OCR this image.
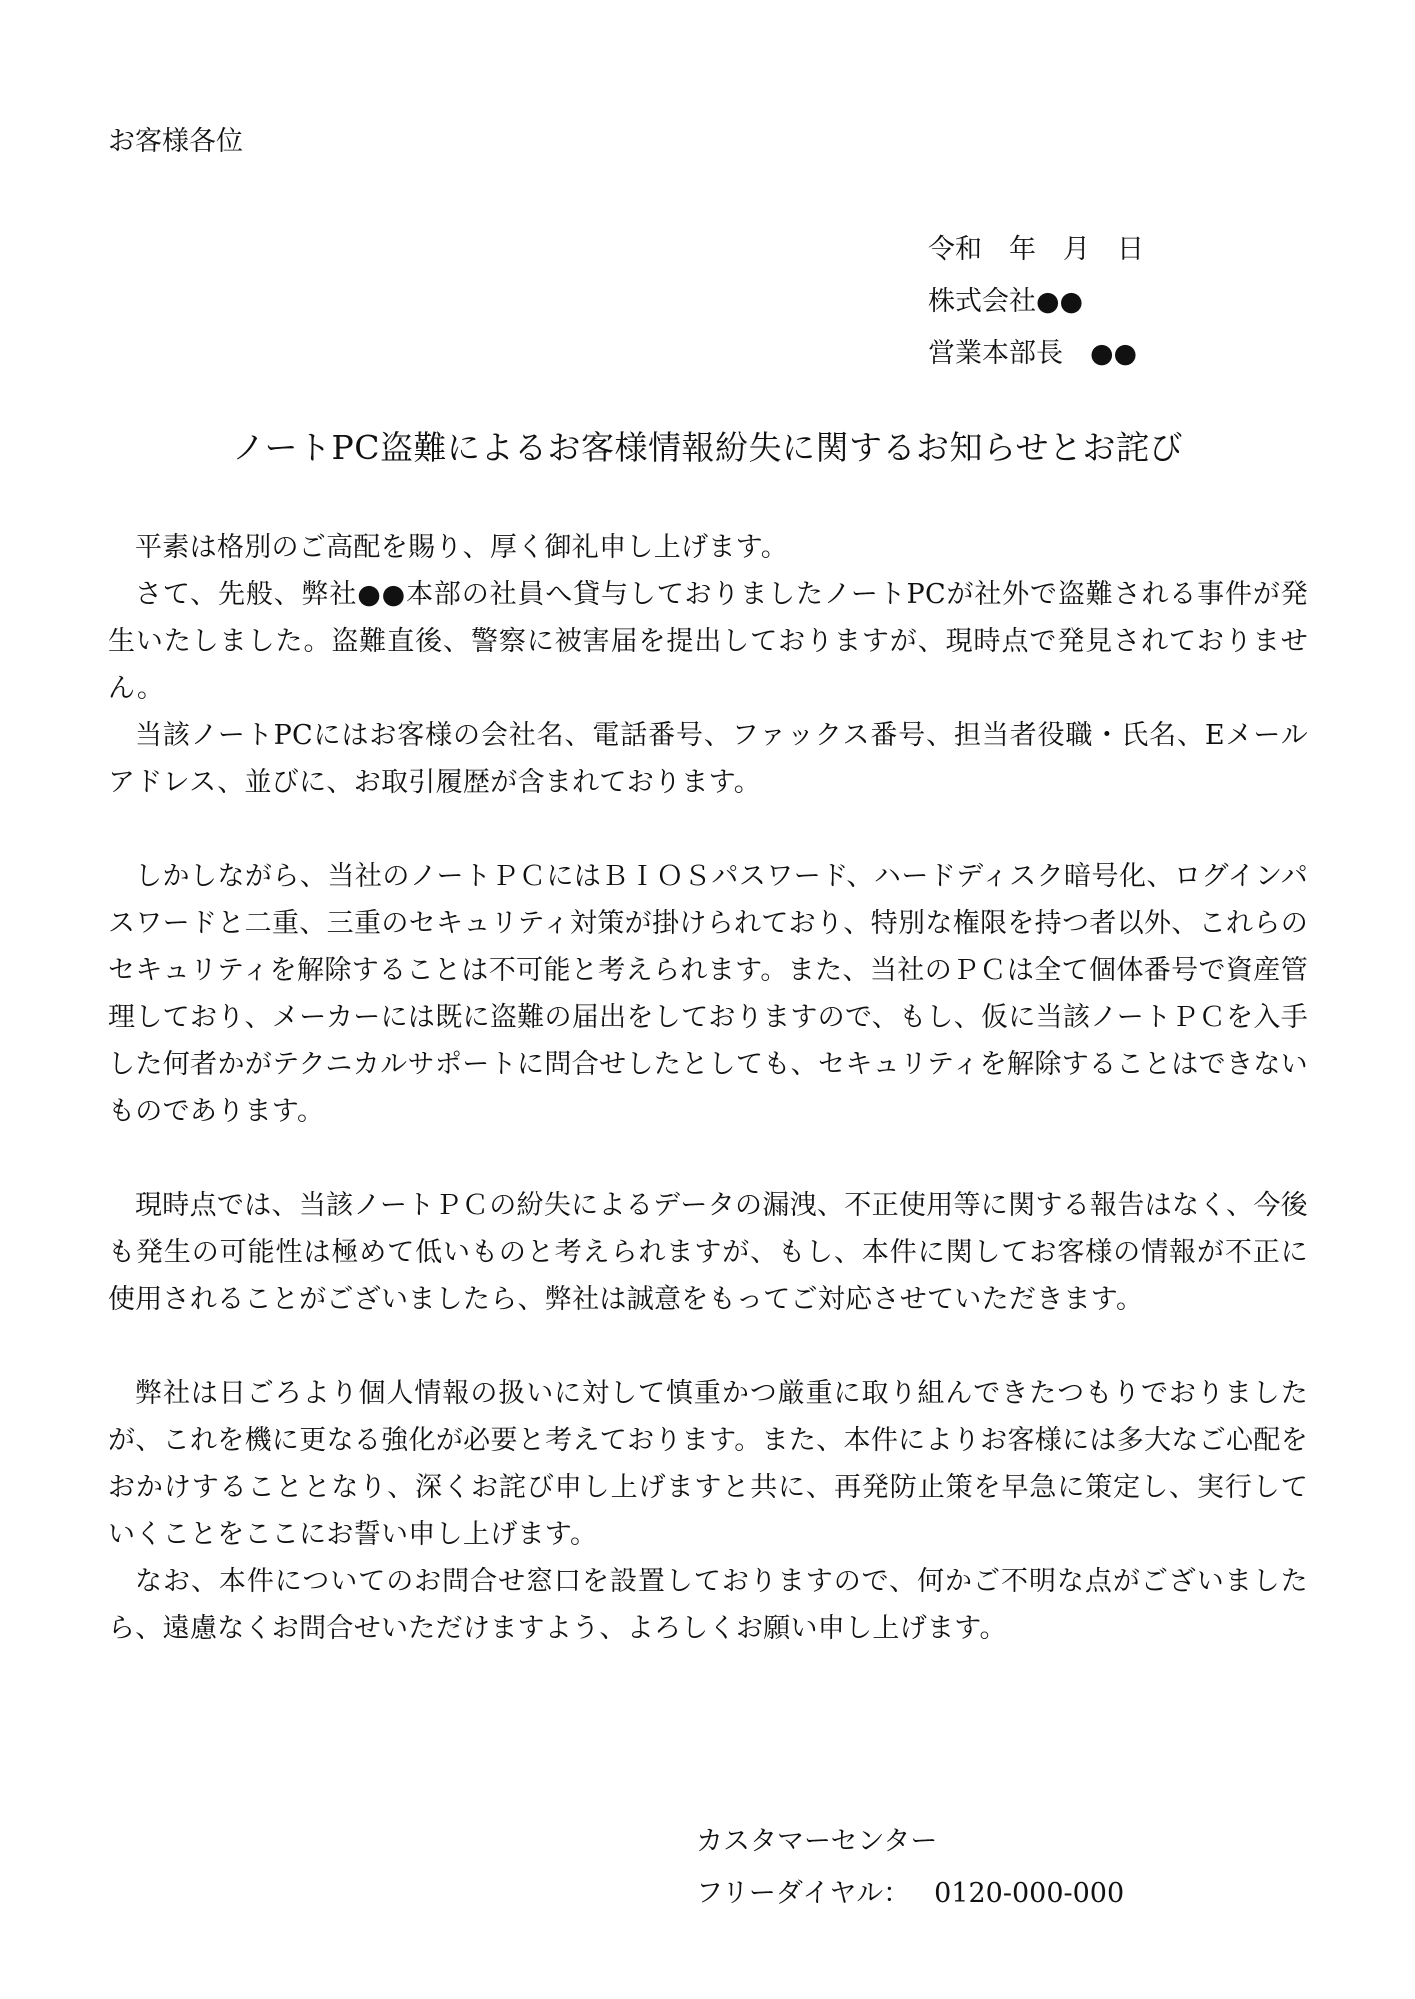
お客様各位
令和　年　月　日
株式会社●●
営業本部長　●●
ノートPC盗難によるお客様情報紛失に関するお知らせとお詫び

平素は格別のご高配を賜り、厚く御礼申し上げます。

さて、先般、弊社●●本部の社員へ貸与しておりましたノートPCが社外で盗難される事件が発生いたしました。盗難直後、警察に被害届を提出しておりますが、現時点で発見されておりません。

当該ノートPCにはお客様の会社名、電話番号、ファックス番号、担当者役職・氏名、Eメールアドレス、並びに、お取引履歴が含まれております。

しかしながら、当社のノートＰＣにはＢＩＯＳパスワード、ハードディスク暗号化、ログインパスワードと二重、三重のセキュリティ対策が掛けられており、特別な権限を持つ者以外、これらのセキュリティを解除することは不可能と考えられます。また、当社のＰＣは全て個体番号で資産管理しており、メーカーには既に盗難の届出をしておりますので、もし、仮に当該ノートＰＣを入手した何者かがテクニカルサポートに問合せしたとしても、セキュリティを解除することはできないものであります。

現時点では、当該ノートＰＣの紛失によるデータの漏洩、不正使用等に関する報告はなく、今後も発生の可能性は極めて低いものと考えられますが、もし、本件に関してお客様の情報が不正に使用されることがございましたら、弊社は誠意をもってご対応させていただきます。

弊社は日ごろより個人情報の扱いに対して慎重かつ厳重に取り組んできたつもりでおりましたが、これを機に更なる強化が必要と考えております。また、本件によりお客様には多大なご心配をおかけすることとなり、深くお詫び申し上げますと共に、再発防止策を早急に策定し、実行していくことをここにお誓い申し上げます。

なお、本件についてのお問合せ窓口を設置しておりますので、何かご不明な点がございましたら、遠慮なくお問合せいただけますよう、よろしくお願い申し上げます。

カスタマーセンター
フリーダイヤル： 0120-000-000
